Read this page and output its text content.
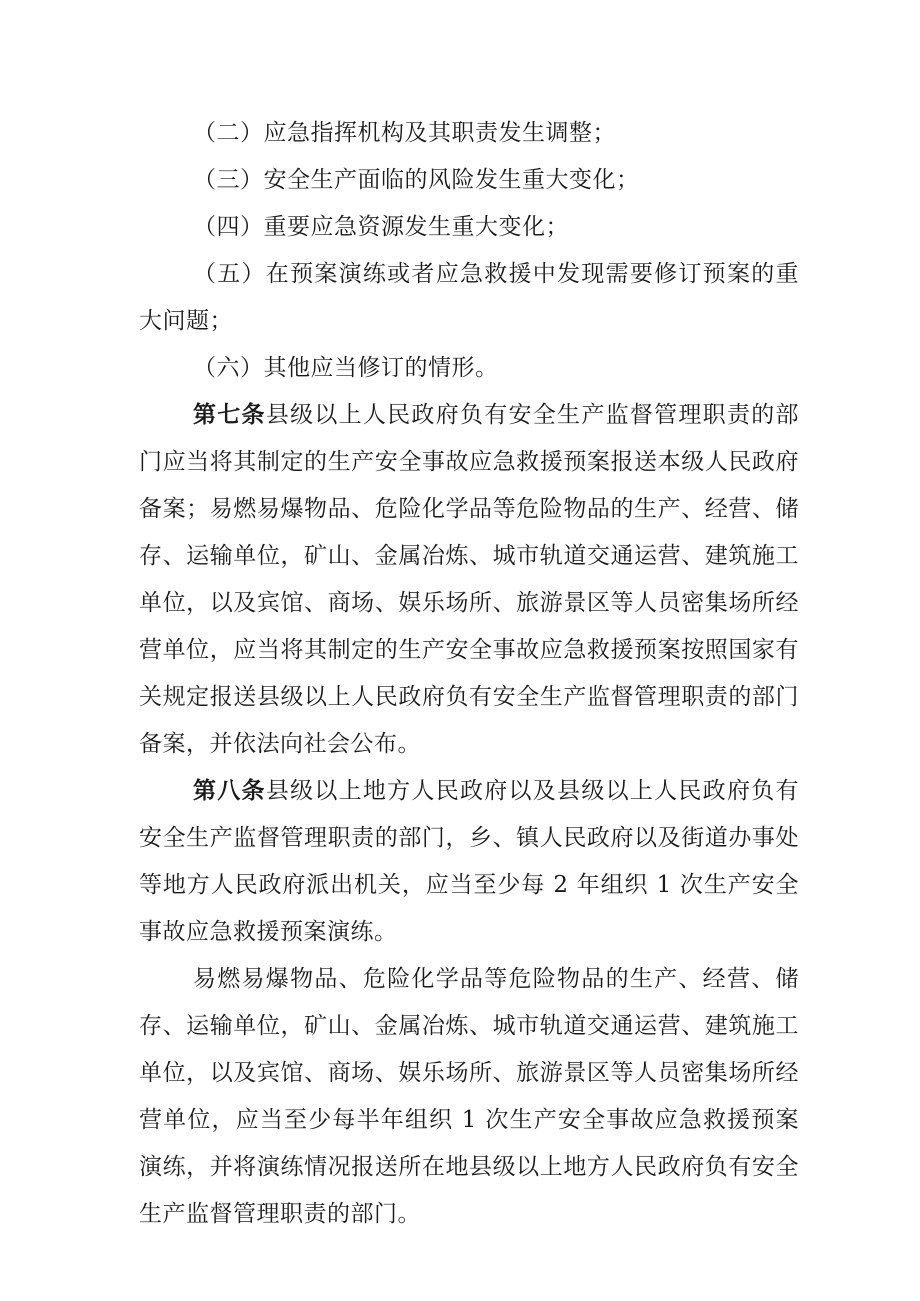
（二）应急指挥机构及其职责发生调整；

（三）安全生产面临的风险发生重大变化；

（四）重要应急资源发生重大变化；

（五）在预案演练或者应急救援中发现需要修订预案的重大问题；

（六）其他应当修订的情形。

第七条县级以上人民政府负有安全生产监督管理职责的部门应当将其制定的生产安全事故应急救援预案报送本级人民政府备案；易燃易爆物品、危险化学品等危险物品的生产、经营、储存、运输单位，矿山、金属冶炼、城市轨道交通运营、建筑施工单位，以及宾馆、商场、娱乐场所、旅游景区等人员密集场所经营单位，应当将其制定的生产安全事故应急救援预案按照国家有关规定报送县级以上人民政府负有安全生产监督管理职责的部门备案，并依法向社会公布。

第八条县级以上地方人民政府以及县级以上人民政府负有安全生产监督管理职责的部门，乡、镇人民政府以及街道办事处等地方人民政府派出机关，应当至少每 2 年组织 1 次生产安全事故应急救援预案演练。

易燃易爆物品、危险化学品等危险物品的生产、经营、储存、运输单位，矿山、金属冶炼、城市轨道交通运营、建筑施工单位，以及宾馆、商场、娱乐场所、旅游景区等人员密集场所经营单位，应当至少每半年组织 1 次生产安全事故应急救援预案演练，并将演练情况报送所在地县级以上地方人民政府负有安全生产监督管理职责的部门。
